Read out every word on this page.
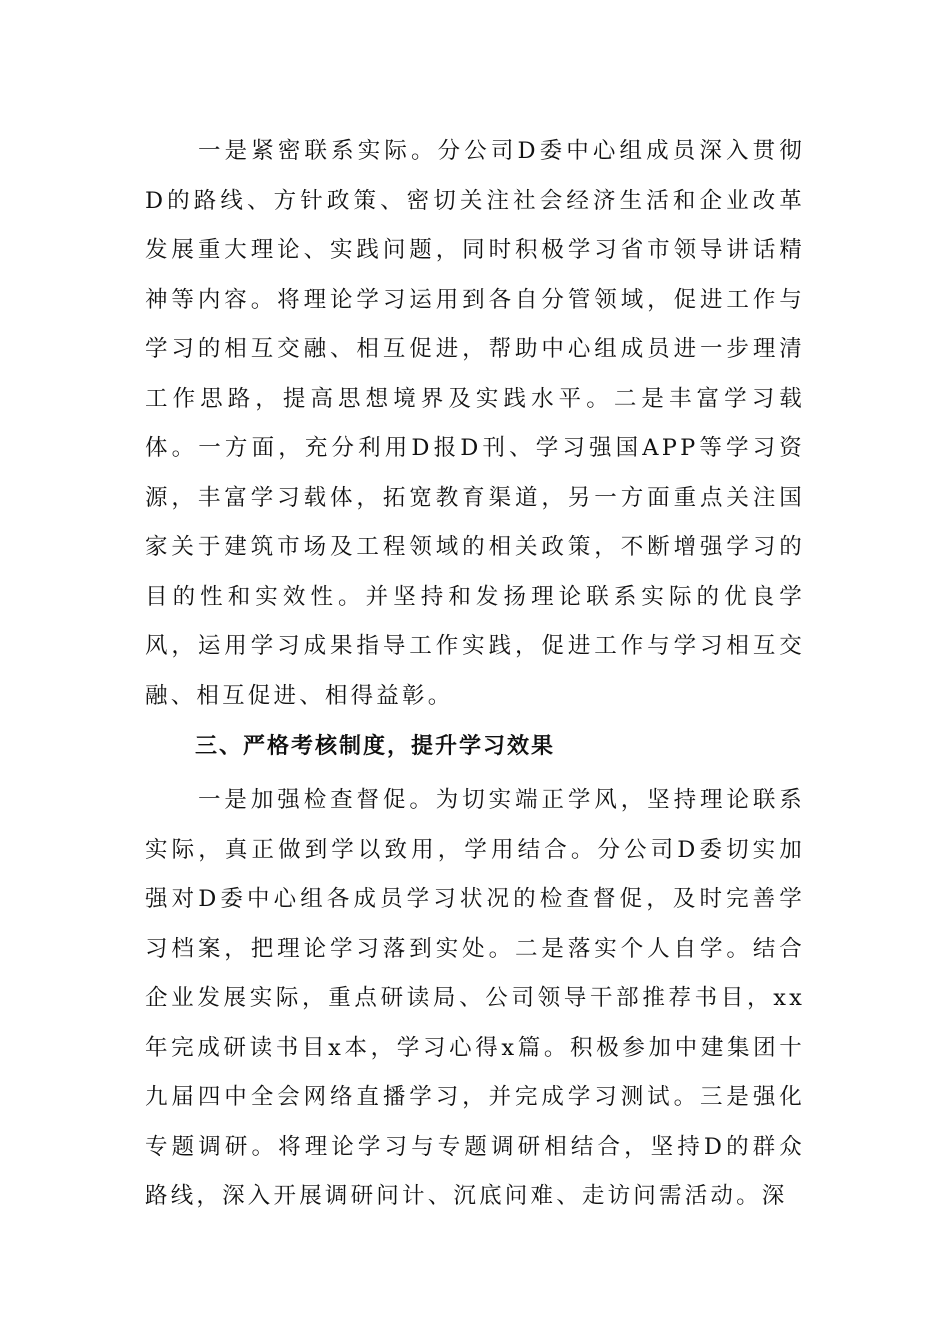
一是紧密联系实际。分公司D委中心组成员深入贯彻D的路线、方针政策、密切关注社会经济生活和企业改革发展重大理论、实践问题，同时积极学习省市领导讲话精神等内容。将理论学习运用到各自分管领域，促进工作与学习的相互交融、相互促进，帮助中心组成员进一步理清工作思路，提高思想境界及实践水平。二是丰富学习载体。一方面，充分利用D报D刊、学习强国APP等学习资源，丰富学习载体，拓宽教育渠道，另一方面重点关注国家关于建筑市场及工程领域的相关政策，不断增强学习的目的性和实效性。并坚持和发扬理论联系实际的优良学风，运用学习成果指导工作实践，促进工作与学习相互交融、相互促进、相得益彰。

三、严格考核制度，提升学习效果

一是加强检查督促。为切实端正学风，坚持理论联系实际，真正做到学以致用，学用结合。分公司D委切实加强对D委中心组各成员学习状况的检查督促，及时完善学习档案，把理论学习落到实处。二是落实个人自学。结合企业发展实际，重点研读局、公司领导干部推荐书目，xx年完成研读书目x本，学习心得x篇。积极参加中建集团十九届四中全会网络直播学习，并完成学习测试。三是强化专题调研。将理论学习与专题调研相结合，坚持D的群众路线，深入开展调研问计、沉底问难、走访问需活动。深
